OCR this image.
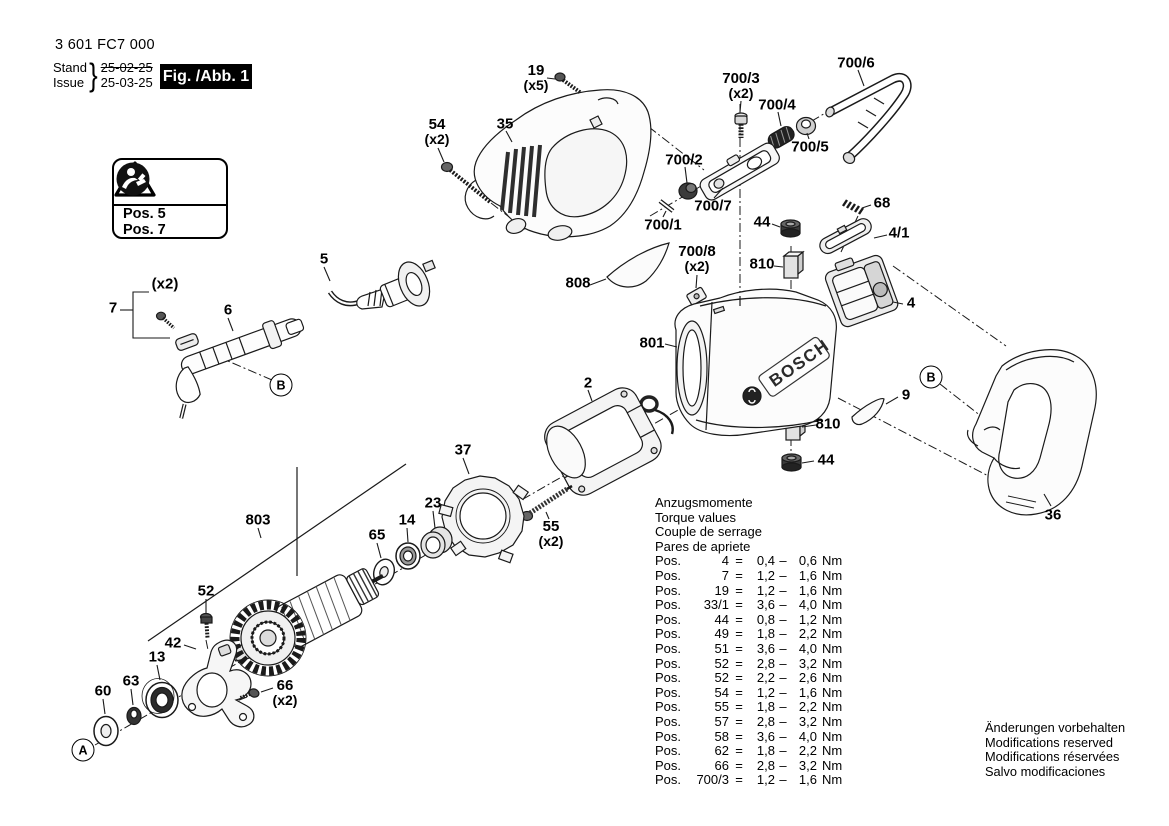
BOSCH
3 601 FC7 000
Stand
Issue } 25-02-25
25-03-25 Fig. /Abb. 1
Pos. 5
Pos. 7
19
(x5)
54
(x2)
35
700/3
(x2)
700/4
700/6
700/5
700/2
700/7
700/1
68
44
810
4/1
700/8
(x2)
808
801
4
9
810
44
36
2
5
6
7
(x2)
37
23
55
(x2)
14
65
803
52
42
13
63
60	66
(x2)
A
B
B
Anzugsmomente
Torque values
Couple de serrage
Pares de apriete
Pos.	4 =	0,4 – 0,6 Nm
Pos.	7 =	1,2 – 1,6 Nm
Pos.	19 =	1,2 – 1,6 Nm
Pos.	33/1 =	3,6 – 4,0 Nm
Pos.	44 =	0,8 – 1,2 Nm
Pos.	49 =	1,8 – 2,2 Nm
Pos.	51 =	3,6 – 4,0 Nm
Pos.	52 =	2,8 – 3,2 Nm
Pos.	52 =	2,2 – 2,6 Nm
Pos.	54 =	1,2 – 1,6 Nm
Pos.	55 =	1,8 – 2,2 Nm
Pos.	57 =	2,8 – 3,2 Nm
Pos.	58 =	3,6 – 4,0 Nm
Pos.	62 =	1,8 – 2,2 Nm
Pos.	66 =	2,8 – 3,2 Nm
Pos.	700/3 =	1,2 – 1,6 Nm
Änderungen vorbehalten
Modifications reserved
Modifications réservées
Salvo modificaciones
